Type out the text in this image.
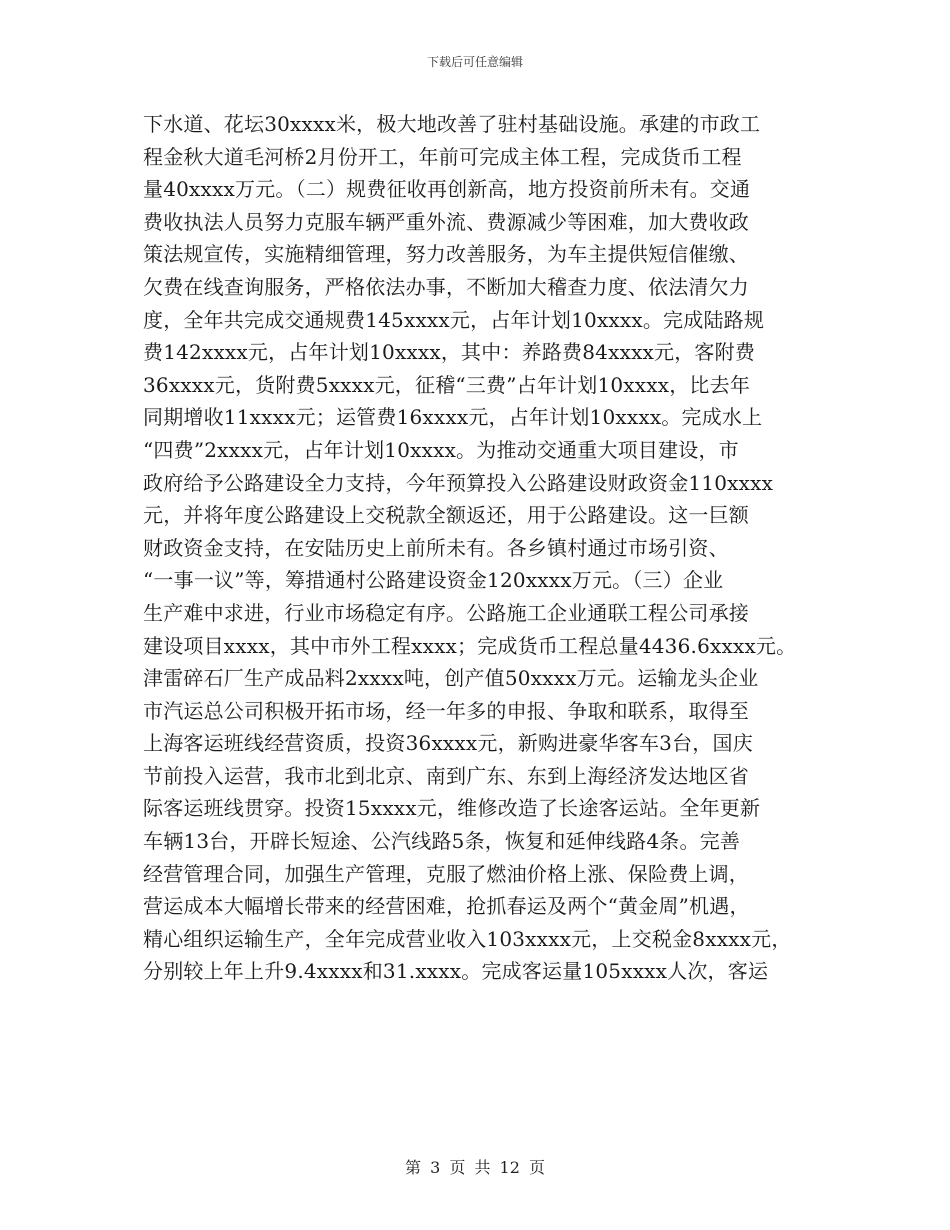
下载后可任意编辑
下水道、花坛30xxxx米，极大地改善了驻村基础设施。承建的市政工
程金秋大道毛河桥2月份开工，年前可完成主体工程，完成货币工程
量40xxxx万元。（二）规费征收再创新高，地方投资前所未有。交通
费收执法人员努力克服车辆严重外流、费源减少等困难，加大费收政
策法规宣传，实施精细管理，努力改善服务，为车主提供短信催缴、
欠费在线查询服务，严格依法办事，不断加大稽查力度、依法清欠力
度，全年共完成交通规费145xxxx元，占年计划10xxxx。完成陆路规
费142xxxx元，占年计划10xxxx，其中：养路费84xxxx元，客附费
36xxxx元，货附费5xxxx元，征稽“三费”占年计划10xxxx，比去年
同期增收11xxxx元；运管费16xxxx元，占年计划10xxxx。完成水上
“四费”2xxxx元，占年计划10xxxx。为推动交通重大项目建设，市
政府给予公路建设全力支持，今年预算投入公路建设财政资金110xxxx
元，并将年度公路建设上交税款全额返还，用于公路建设。这一巨额
财政资金支持，在安陆历史上前所未有。各乡镇村通过市场引资、
“一事一议”等，筹措通村公路建设资金120xxxx万元。（三）企业
生产难中求进，行业市场稳定有序。公路施工企业通联工程公司承接
建设项目xxxx，其中市外工程xxxx；完成货币工程总量4436.6xxxx元。
津雷碎石厂生产成品料2xxxx吨，创产值50xxxx万元。运输龙头企业
市汽运总公司积极开拓市场，经一年多的申报、争取和联系，取得至
上海客运班线经营资质，投资36xxxx元，新购进豪华客车3台，国庆
节前投入运营，我市北到北京、南到广东、东到上海经济发达地区省
际客运班线贯穿。投资15xxxx元，维修改造了长途客运站。全年更新
车辆13台，开辟长短途、公汽线路5条，恢复和延伸线路4条。完善
经营管理合同，加强生产管理，克服了燃油价格上涨、保险费上调，
营运成本大幅增长带来的经营困难，抢抓春运及两个“黄金周”机遇，
精心组织运输生产，全年完成营业收入103xxxx元，上交税金8xxxx元，
分别较上年上升9.4xxxx和31.xxxx。完成客运量105xxxx人次，客运
第 3 页 共 12 页
